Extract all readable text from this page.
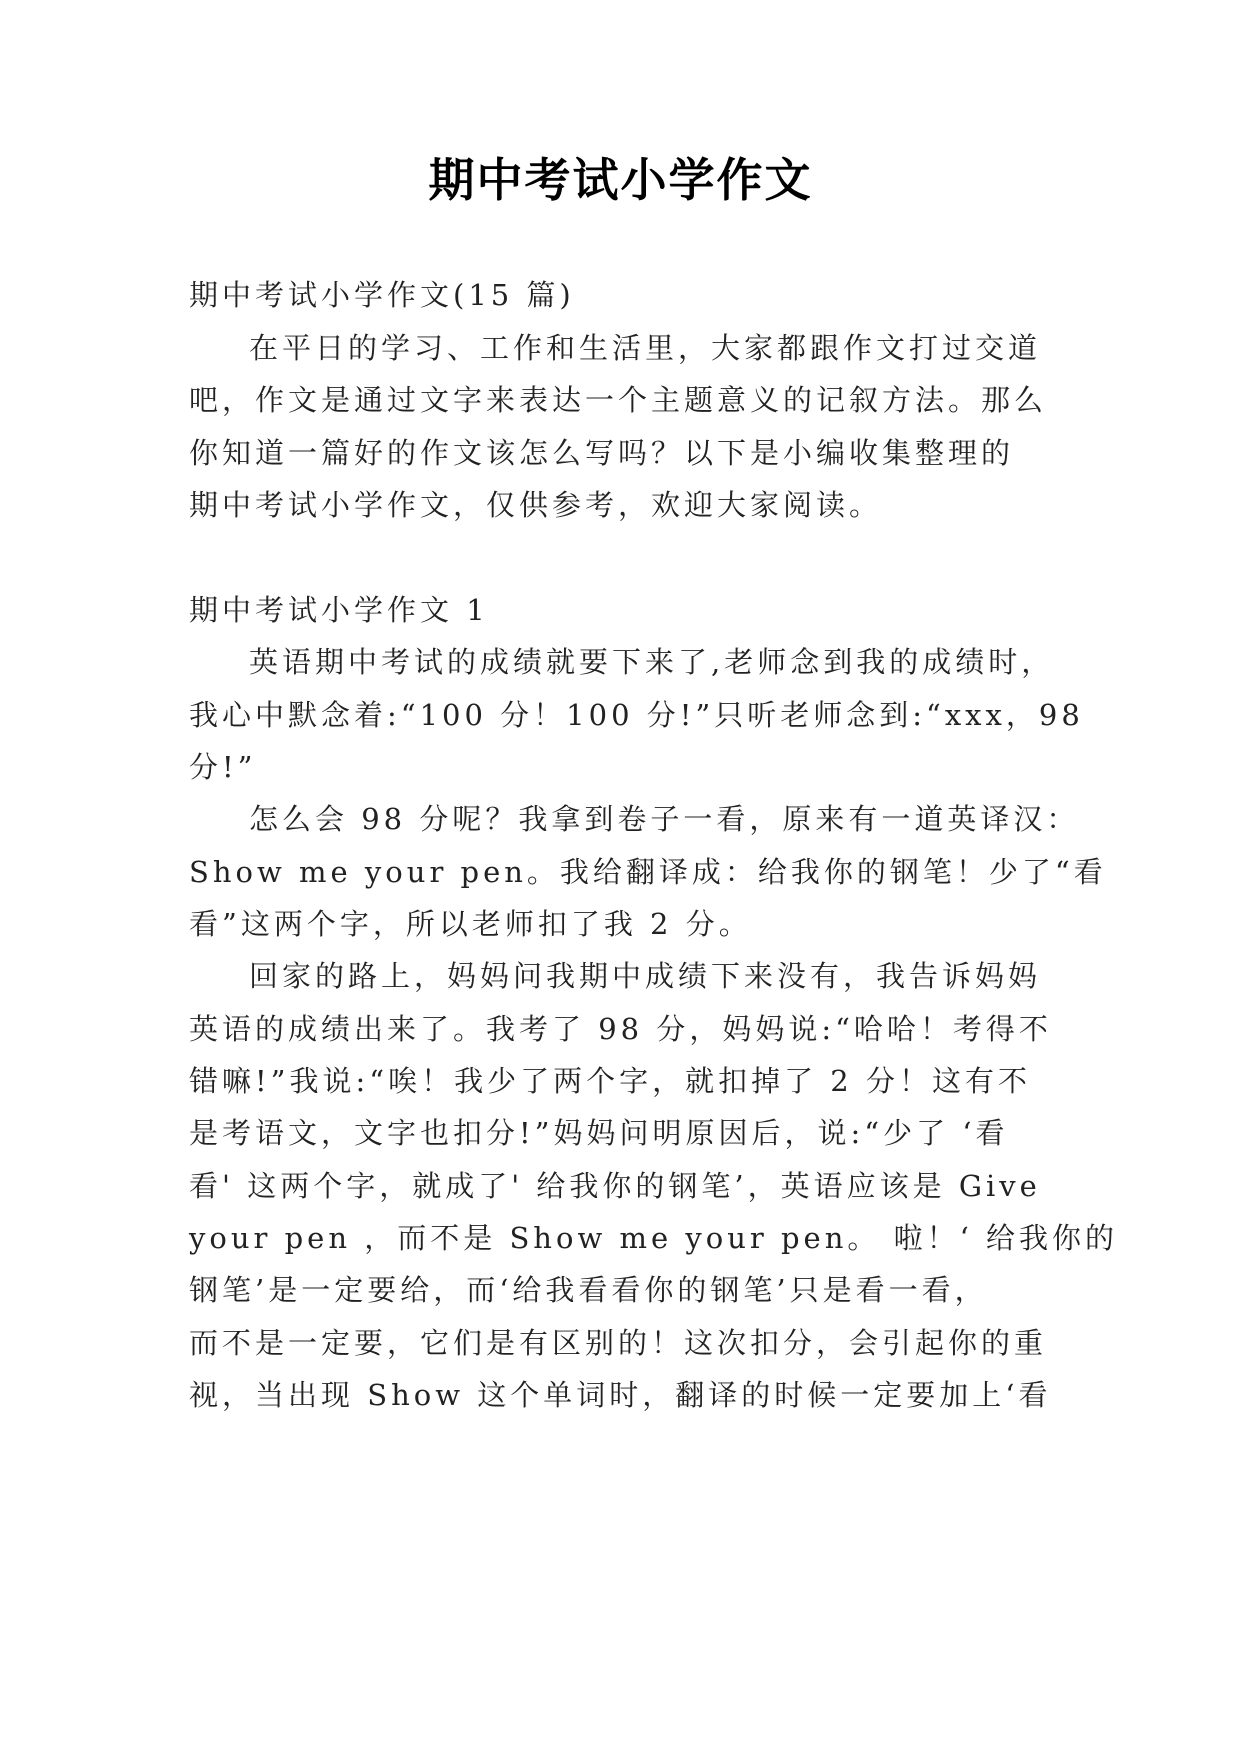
期中考试小学作文
期中考试小学作文(15 篇)
在平日的学习、工作和生活里，大家都跟作文打过交道
吧，作文是通过文字来表达一个主题意义的记叙方法。那么
你知道一篇好的作文该怎么写吗？以下是小编收集整理的
期中考试小学作文，仅供参考，欢迎大家阅读。
期中考试小学作文 1
英语期中考试的成绩就要下来了,老师念到我的成绩时，
我心中默念着:“100 分！100 分!”只听老师念到:“xxx，98
分!”
怎么会 98 分呢？我拿到卷子一看，原来有一道英译汉：
Show me your pen。我给翻译成：给我你的钢笔！少了“看
看”这两个字，所以老师扣了我 2 分。
回家的路上，妈妈问我期中成绩下来没有，我告诉妈妈
英语的成绩出来了。我考了 98 分，妈妈说:“哈哈！考得不
错嘛!”我说:“唉！我少了两个字，就扣掉了 2 分！这有不
是考语文，文字也扣分!”妈妈问明原因后，说:“少了 ‘看
看' 这两个字，就成了' 给我你的钢笔’，英语应该是 Give
your pen ，而不是 Show me your pen。 啦！‘ 给我你的
钢笔’是一定要给，而‘给我看看你的钢笔’只是看一看，
而不是一定要，它们是有区别的！这次扣分，会引起你的重
视，当出现 Show 这个单词时，翻译的时候一定要加上‘看
